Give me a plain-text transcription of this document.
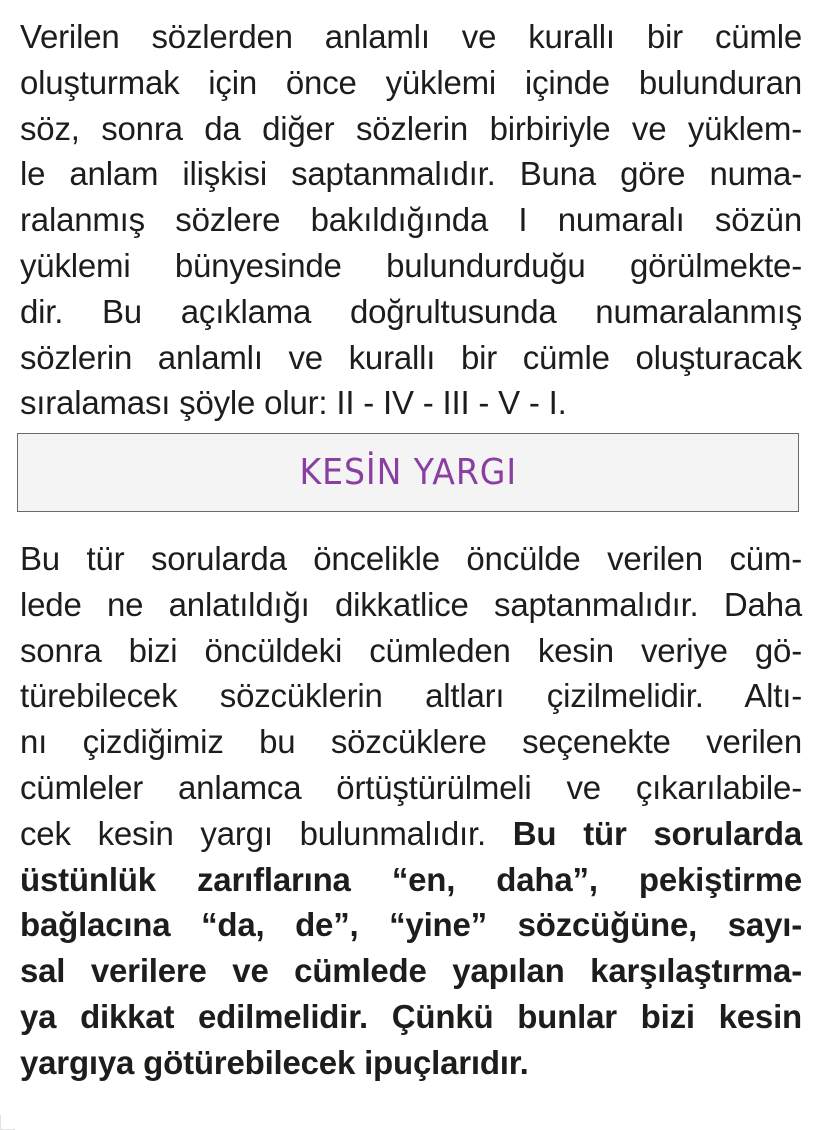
Verilen sözlerden anlamlı ve kurallı bir cümle
oluşturmak için önce yüklemi içinde bulunduran
söz, sonra da diğer sözlerin birbiriyle ve yüklem-
le anlam ilişkisi saptanmalıdır. Buna göre numa-
ralanmış sözlere bakıldığında I numaralı sözün
yüklemi bünyesinde bulundurduğu görülmekte-
dir. Bu açıklama doğrultusunda numaralanmış
sözlerin anlamlı ve kurallı bir cümle oluşturacak
sıralaması şöyle olur: II - IV - III - V - I.
KESİN YARGI
Bu tür sorularda öncelikle öncülde verilen cüm-
lede ne anlatıldığı dikkatlice saptanmalıdır. Daha
sonra bizi öncüldeki cümleden kesin veriye gö-
türebilecek sözcüklerin altları çizilmelidir. Altı-
nı çizdiğimiz bu sözcüklere seçenekte verilen
cümleler anlamca örtüştürülmeli ve çıkarılabile-
cek kesin yargı bulunmalıdır. Bu tür sorularda
üstünlük zarıflarına “en, daha”, pekiştirme
bağlacına “da, de”, “yine” sözcüğüne, sayı-
sal verilere ve cümlede yapılan karşılaştırma-
ya dikkat edilmelidir. Çünkü bunlar bizi kesin
yargıya götürebilecek ipuçlarıdır.
